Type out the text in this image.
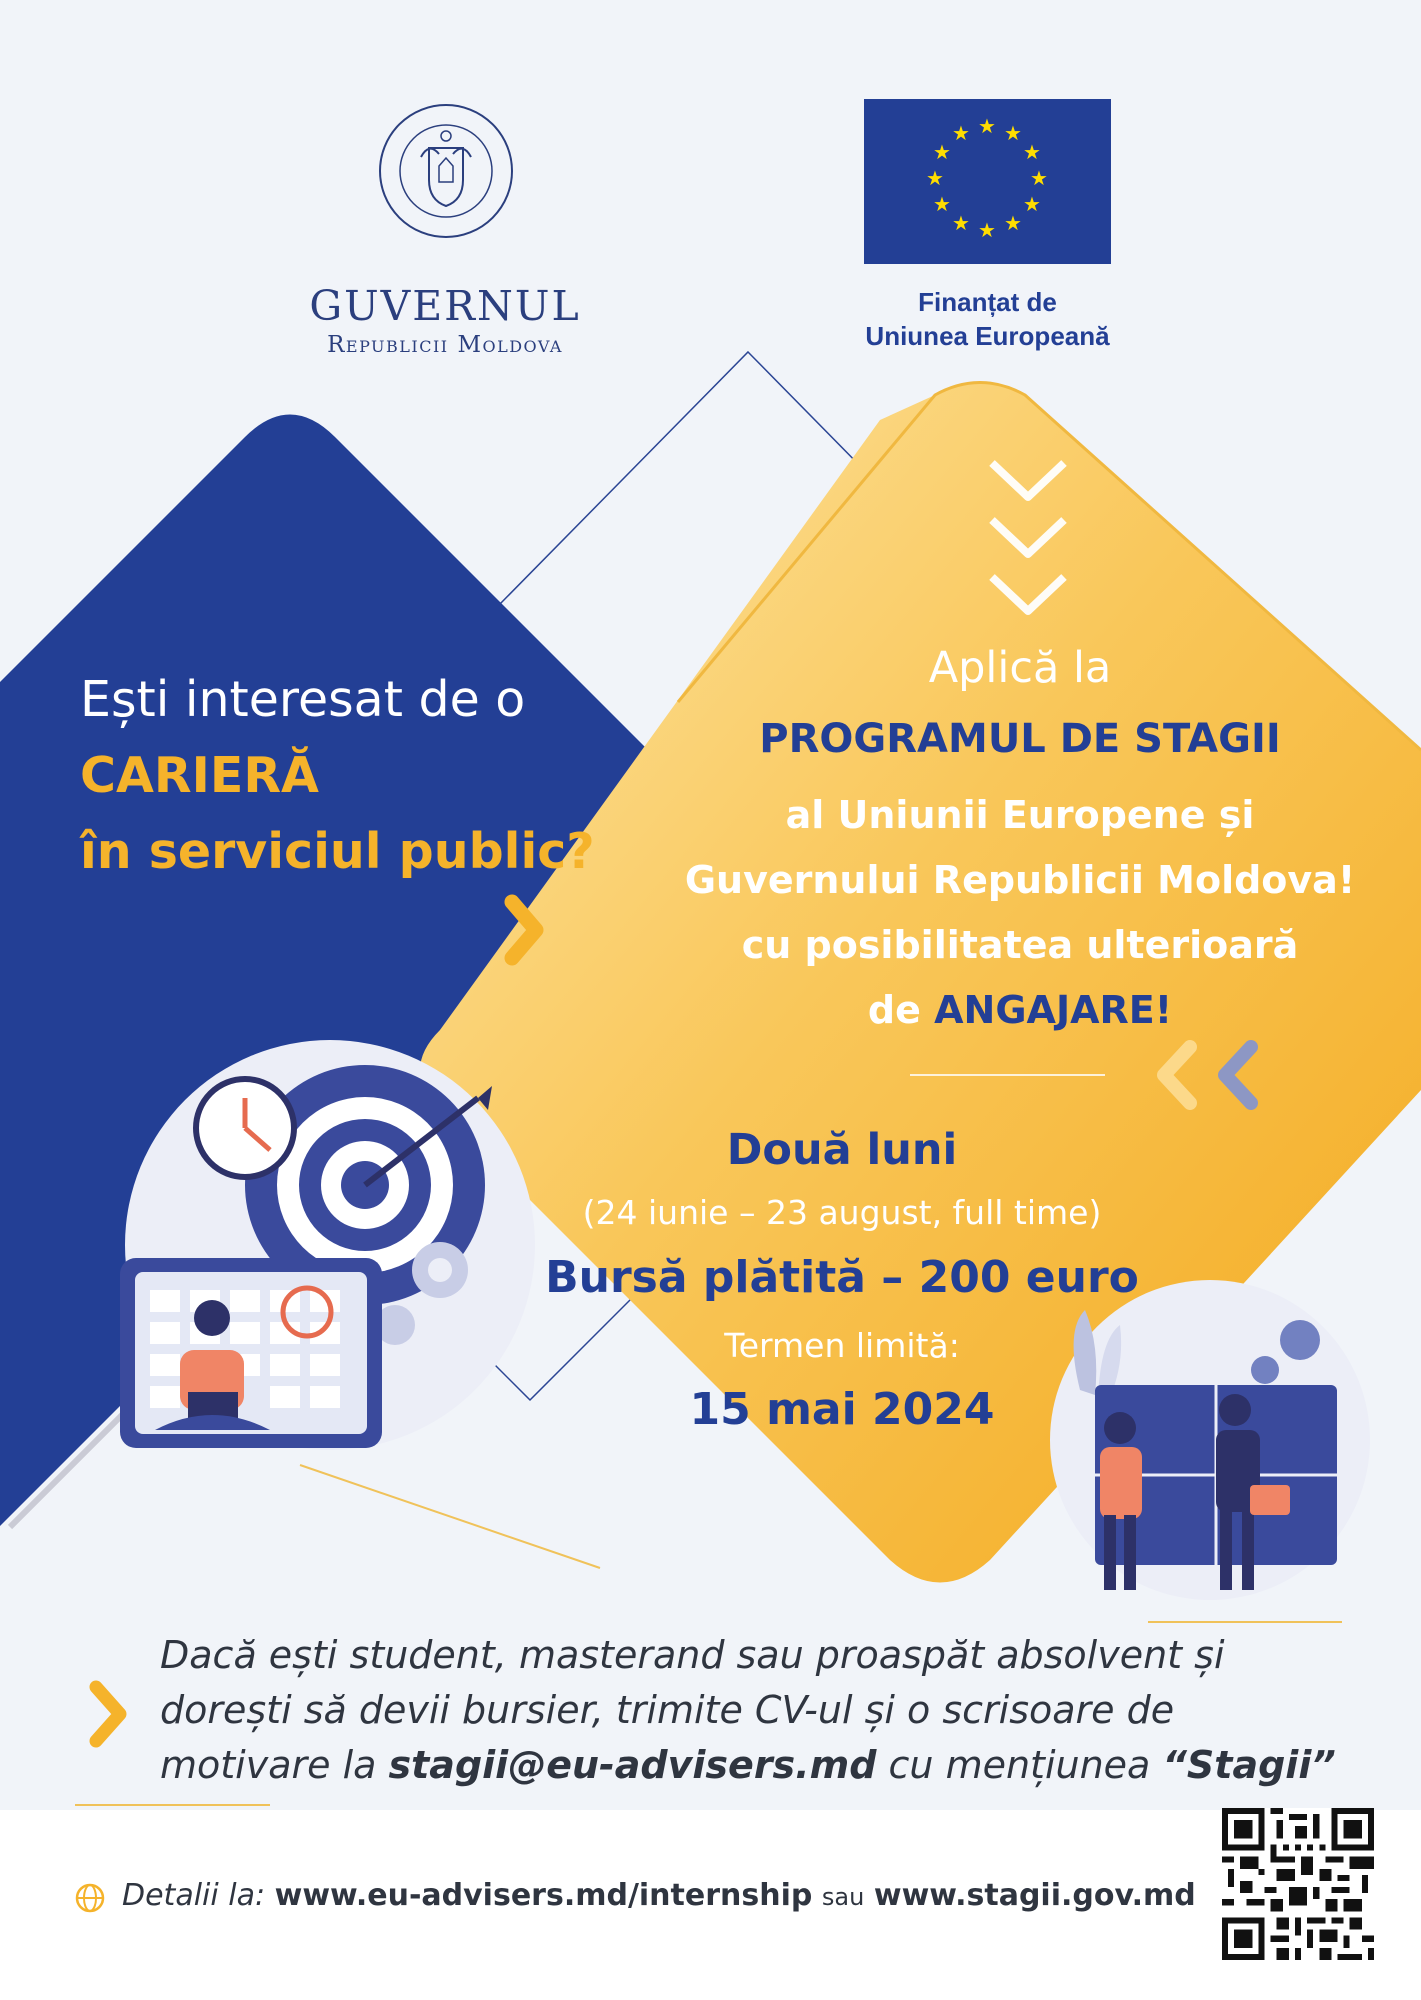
GUVERNUL
Republicii Moldova
★ ★
★
★
★
★
★
★
★
★
★
★
Finanțat de
Uniunea Europeană
Ești interesat de o
CARIERĂ
în serviciul public?
Aplică la
PROGRAMUL DE STAGII
al Uniunii Europene și
Guvernului Republicii Moldova!
cu posibilitatea ulterioară
de ANGAJARE!
Două luni
(24 iunie – 23 august, full time)
Bursă plătită – 200 euro
Termen limită:
15 mai 2024
Dacă ești student, masterand sau proaspăt absolvent și
dorești să devii bursier, trimite CV-ul și o scrisoare de
motivare la stagii@eu-advisers.md cu mențiunea “Stagii”
Detalii la: www.eu-advisers.md/internship sau www.stagii.gov.md
